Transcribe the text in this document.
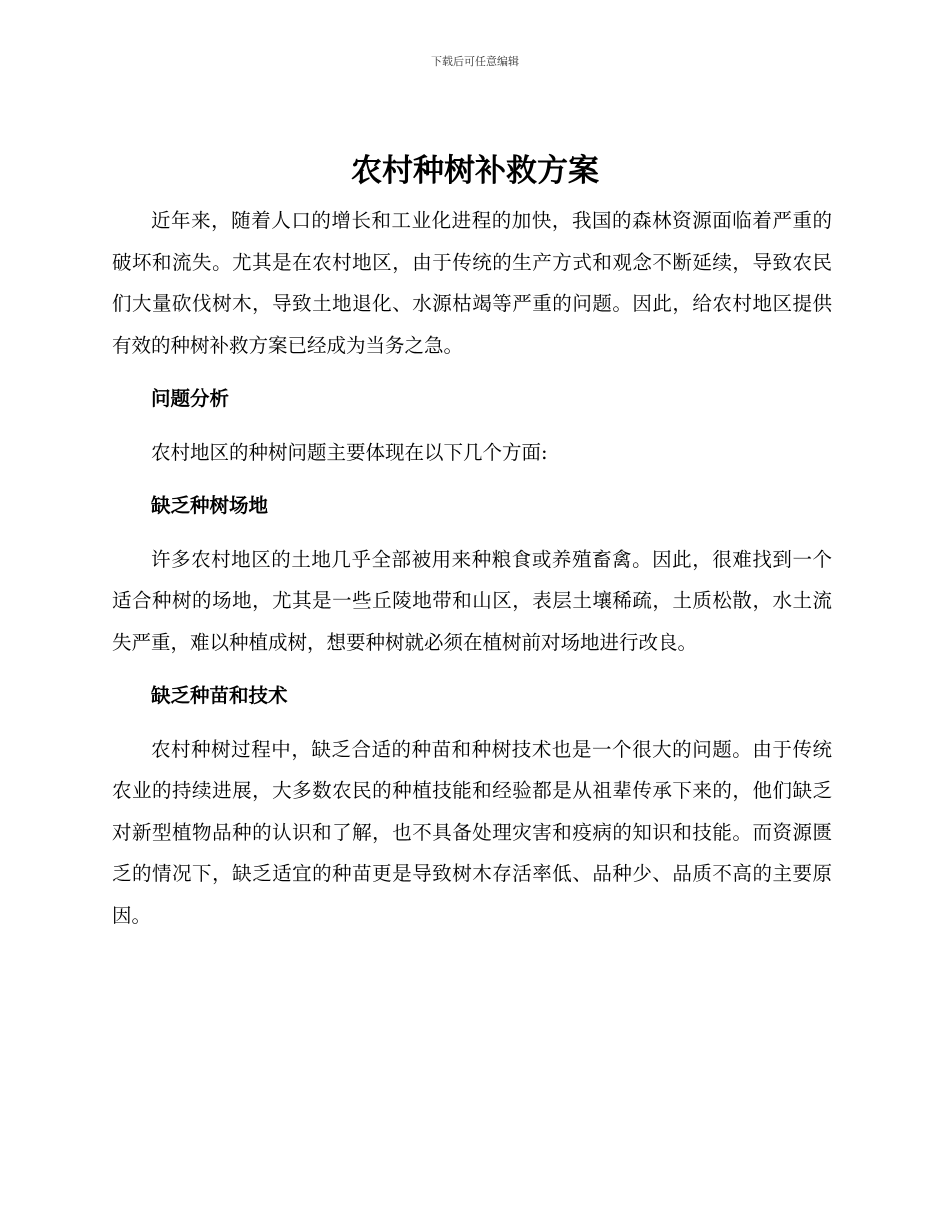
下载后可任意编辑
农村种树补救方案

近年来，随着人口的增长和工业化进程的加快，我国的森林资源面临着严重的破坏和流失。尤其是在农村地区，由于传统的生产方式和观念不断延续，导致农民们大量砍伐树木，导致土地退化、水源枯竭等严重的问题。因此，给农村地区提供有效的种树补救方案已经成为当务之急。

问题分析

农村地区的种树问题主要体现在以下几个方面:

缺乏种树场地

许多农村地区的土地几乎全部被用来种粮食或养殖畜禽。因此，很难找到一个适合种树的场地，尤其是一些丘陵地带和山区，表层土壤稀疏，土质松散，水土流失严重，难以种植成树，想要种树就必须在植树前对场地进行改良。

缺乏种苗和技术

农村种树过程中，缺乏合适的种苗和种树技术也是一个很大的问题。由于传统农业的持续进展，大多数农民的种植技能和经验都是从祖辈传承下来的，他们缺乏对新型植物品种的认识和了解，也不具备处理灾害和疫病的知识和技能。而资源匮乏的情况下，缺乏适宜的种苗更是导致树木存活率低、品种少、品质不高的主要原因。
